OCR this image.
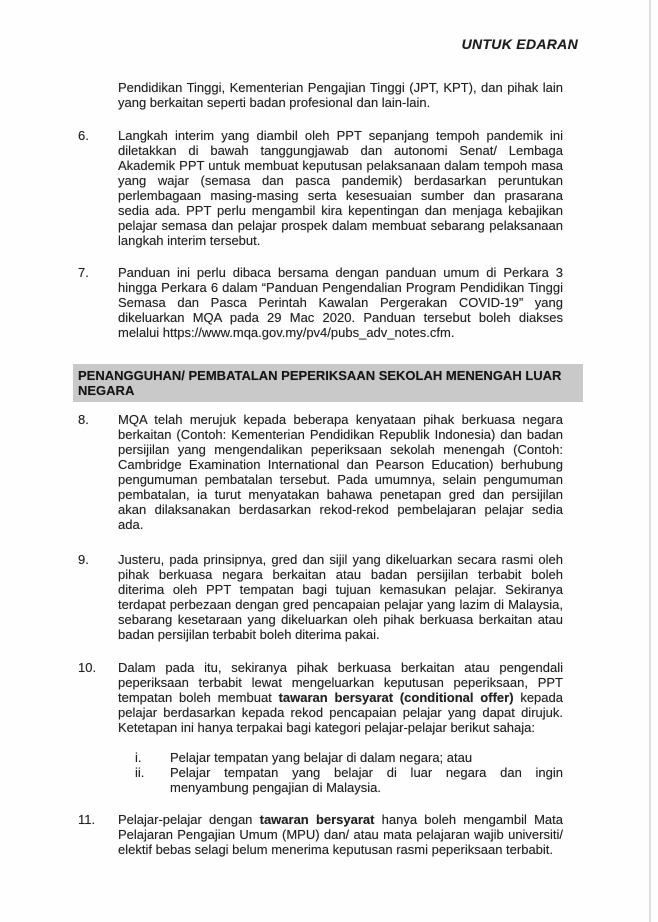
UNTUK EDARAN

Pendidikan Tinggi, Kementerian Pengajian Tinggi (JPT, KPT), dan pihak lain yang berkaitan seperti badan profesional dan lain-lain.

6.	Langkah interim yang diambil oleh PPT sepanjang tempoh pandemik ini diletakkan di bawah tanggungjawab dan autonomi Senat/ Lembaga Akademik PPT untuk membuat keputusan pelaksanaan dalam tempoh masa yang wajar (semasa dan pasca pandemik) berdasarkan peruntukan perlembagaan masing-masing serta kesesuaian sumber dan prasarana sedia ada. PPT perlu mengambil kira kepentingan dan menjaga kebajikan pelajar semasa dan pelajar prospek dalam membuat sebarang pelaksanaan langkah interim tersebut.

7.	Panduan ini perlu dibaca bersama dengan panduan umum di Perkara 3 hingga Perkara 6 dalam “Panduan Pengendalian Program Pendidikan Tinggi Semasa dan Pasca Perintah Kawalan Pergerakan COVID-19” yang dikeluarkan MQA pada 29 Mac 2020. Panduan tersebut boleh diakses melalui https://www.mqa.gov.my/pv4/pubs_adv_notes.cfm.

PENANGGUHAN/ PEMBATALAN PEPERIKSAAN SEKOLAH MENENGAH LUAR NEGARA
8.	MQA telah merujuk kepada beberapa kenyataan pihak berkuasa negara berkaitan (Contoh: Kementerian Pendidikan Republik Indonesia) dan badan persijilan yang mengendalikan peperiksaan sekolah menengah (Contoh: Cambridge Examination International dan Pearson Education) berhubung pengumuman pembatalan tersebut. Pada umumnya, selain pengumuman pembatalan, ia turut menyatakan bahawa penetapan gred dan persijilan akan dilaksanakan berdasarkan rekod-rekod pembelajaran pelajar sedia ada.

9.	Justeru, pada prinsipnya, gred dan sijil yang dikeluarkan secara rasmi oleh pihak berkuasa negara berkaitan atau badan persijilan terbabit boleh diterima oleh PPT tempatan bagi tujuan kemasukan pelajar. Sekiranya terdapat perbezaan dengan gred pencapaian pelajar yang lazim di Malaysia, sebarang kesetaraan yang dikeluarkan oleh pihak berkuasa berkaitan atau badan persijilan terbabit boleh diterima pakai.

10.	Dalam pada itu, sekiranya pihak berkuasa berkaitan atau pengendali peperiksaan terbabit lewat mengeluarkan keputusan peperiksaan, PPT tempatan boleh membuat tawaran bersyarat (conditional offer) kepada pelajar berdasarkan kepada rekod pencapaian pelajar yang dapat dirujuk. Ketetapan ini hanya terpakai bagi kategori pelajar-pelajar berikut sahaja:

i.	Pelajar tempatan yang belajar di dalam negara; atau

ii.	Pelajar tempatan yang belajar di luar negara dan ingin menyambung pengajian di Malaysia.

11.	Pelajar-pelajar dengan tawaran bersyarat hanya boleh mengambil Mata Pelajaran Pengajian Umum (MPU) dan/ atau mata pelajaran wajib universiti/ elektif bebas selagi belum menerima keputusan rasmi peperiksaan terbabit.
